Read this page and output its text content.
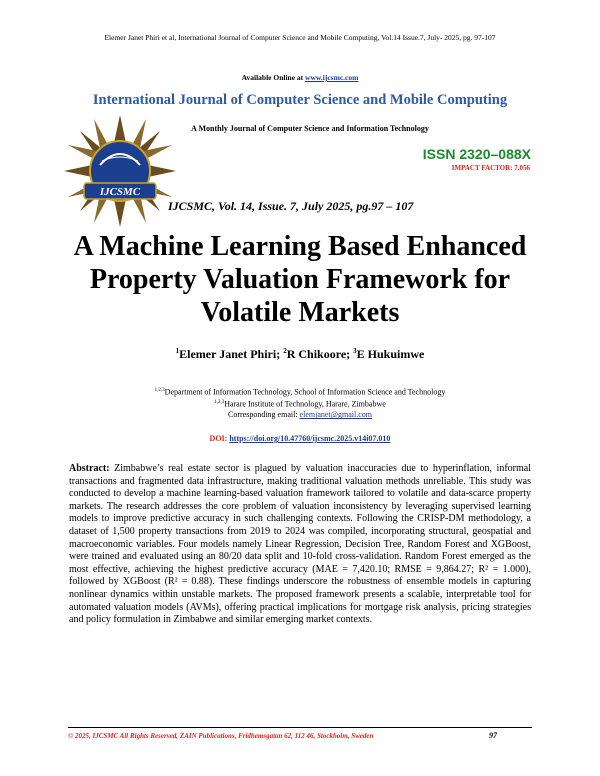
Elemer Janet Phiri et al, International Journal of Computer Science and Mobile Computing, Vol.14 Issue.7, July- 2025, pg. 97-107
Available Online at www.ijcsmc.com
International Journal of Computer Science and Mobile Computing
IJCSMC
A Monthly Journal of Computer Science and Information Technology
ISSN 2320–088X
IMPACT FACTOR: 7.056
IJCSMC, Vol. 14, Issue. 7, July 2025, pg.97 – 107
A Machine Learning Based Enhanced Property Valuation Framework for Volatile Markets
$^1$Elemer Janet Phiri; $^2$R Chikoore; $^3$E Hukuimwe
$^{1,2,3}$Department of Information Technology, School of Information Science and Technology
$^{1,2,3}$Harare Institute of Technology, Harare, Zimbabwe
Corresponding email: elemjanet@gmail.com
DOI: https://doi.org/10.47760/ijcsmc.2025.v14i07.010
Abstract: Zimbabwe’s real estate sector is plagued by valuation inaccuracies due to hyperinflation, informal transactions and fragmented data infrastructure, making traditional valuation methods unreliable. This study was conducted to develop a machine learning-based valuation framework tailored to volatile and data-scarce property markets. The research addresses the core problem of valuation inconsistency by leveraging supervised learning models to improve predictive accuracy in such challenging contexts. Following the CRISP-DM methodology, a dataset of 1,500 property transactions from 2019 to 2024 was compiled, incorporating structural, geospatial and macroeconomic variables. Four models namely Linear Regression, Decision Tree, Random Forest and XGBoost, were trained and evaluated using an 80/20 data split and 10-fold cross-validation. Random Forest emerged as the most effective, achieving the highest predictive accuracy (MAE = 7,420.10; RMSE = 9,864.27; R² = 1.000), followed by XGBoost (R² = 0.88). These findings underscore the robustness of ensemble models in capturing nonlinear dynamics within unstable markets. The proposed framework presents a scalable, interpretable tool for automated valuation models (AVMs), offering practical implications for mortgage risk analysis, pricing strategies and policy formulation in Zimbabwe and similar emerging market contexts.
© 2025, IJCSMC All Rights Reserved, ZAIN Publications, Fridhemsgatan 62, 112 46, Stockholm, Sweden	97
